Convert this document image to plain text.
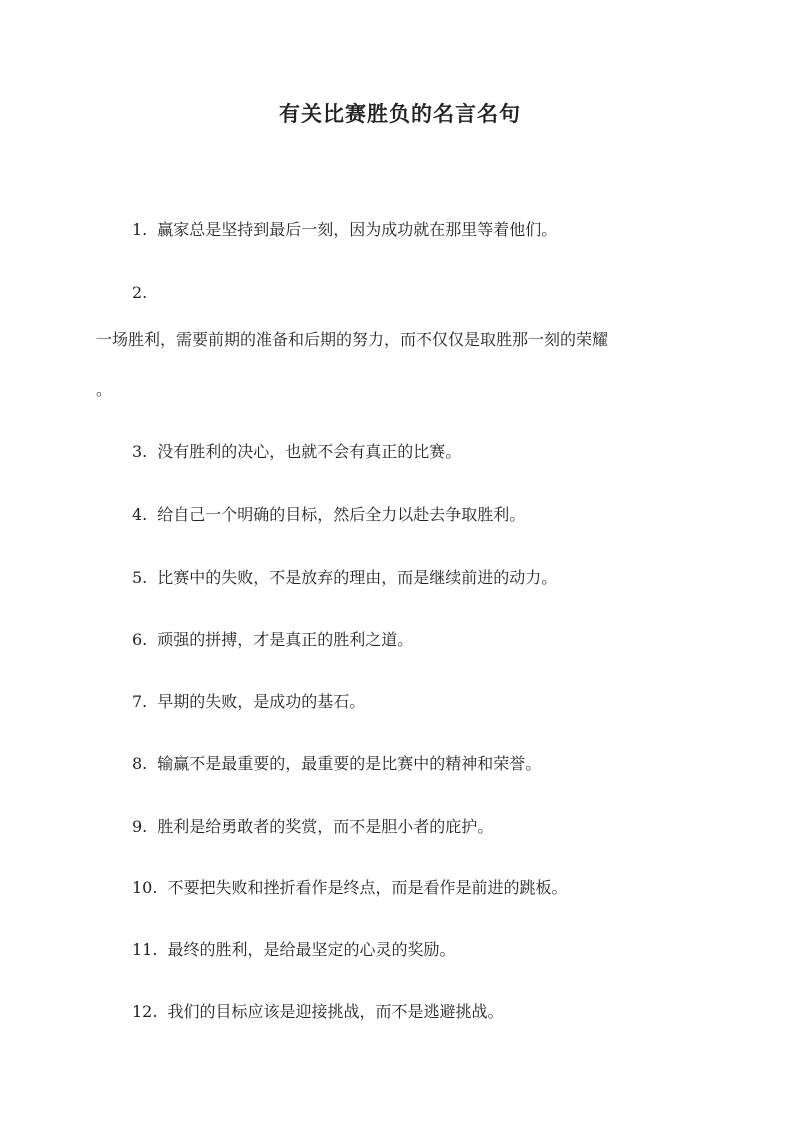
有关比赛胜负的名言名句
1. 赢家总是坚持到最后一刻，因为成功就在那里等着他们。
2.
一场胜利，需要前期的准备和后期的努力，而不仅仅是取胜那一刻的荣耀
。
3. 没有胜利的决心，也就不会有真正的比赛。
4. 给自己一个明确的目标，然后全力以赴去争取胜利。
5. 比赛中的失败，不是放弃的理由，而是继续前进的动力。
6. 顽强的拼搏，才是真正的胜利之道。
7. 早期的失败，是成功的基石。
8. 输赢不是最重要的，最重要的是比赛中的精神和荣誉。
9. 胜利是给勇敢者的奖赏，而不是胆小者的庇护。
10. 不要把失败和挫折看作是终点，而是看作是前进的跳板。
11. 最终的胜利，是给最坚定的心灵的奖励。
12. 我们的目标应该是迎接挑战，而不是逃避挑战。
